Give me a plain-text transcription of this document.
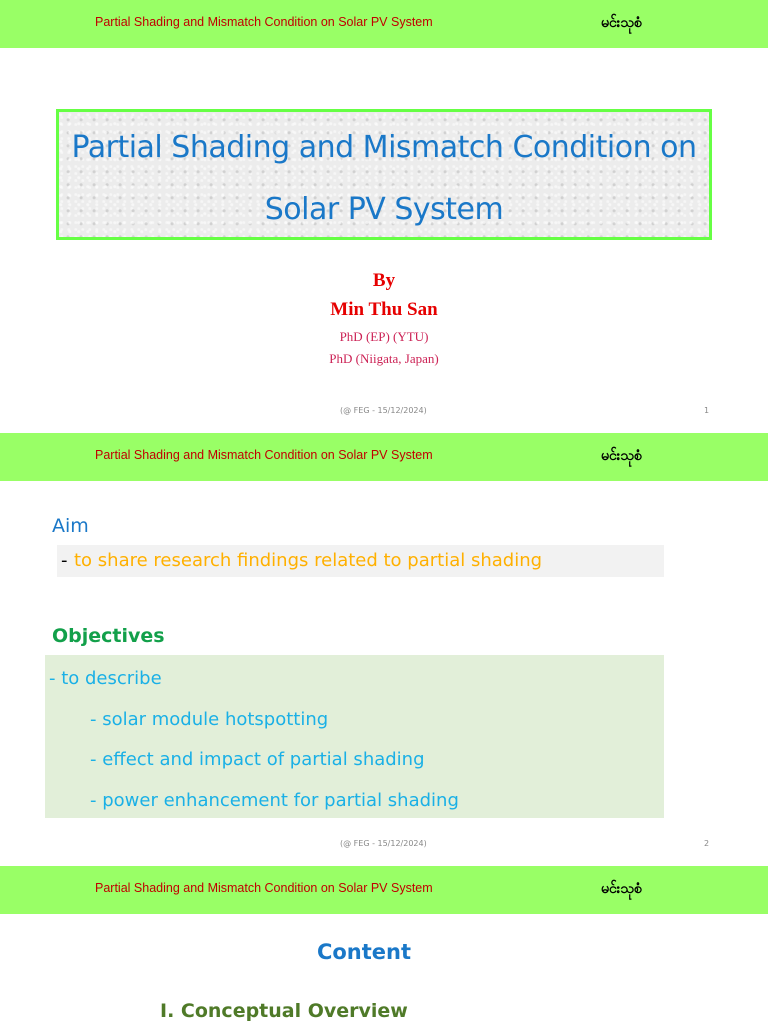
Partial Shading and Mismatch Condition on Solar PV System	မင်းသုစံ
Partial Shading and Mismatch Condition on
Solar PV System
By
Min Thu San
PhD (EP) (YTU)
PhD (Niigata, Japan)
(@ FEG - 15/12/2024)	1
Partial Shading and Mismatch Condition on Solar PV System	မင်းသုစံ
Aim
- to share research findings related to partial shading
Objectives
- to describe
- solar module hotspotting
- effect and impact of partial shading
- power enhancement for partial shading
(@ FEG - 15/12/2024)	2
Partial Shading and Mismatch Condition on Solar PV System	မင်းသုစံ
Content
I. Conceptual Overview
